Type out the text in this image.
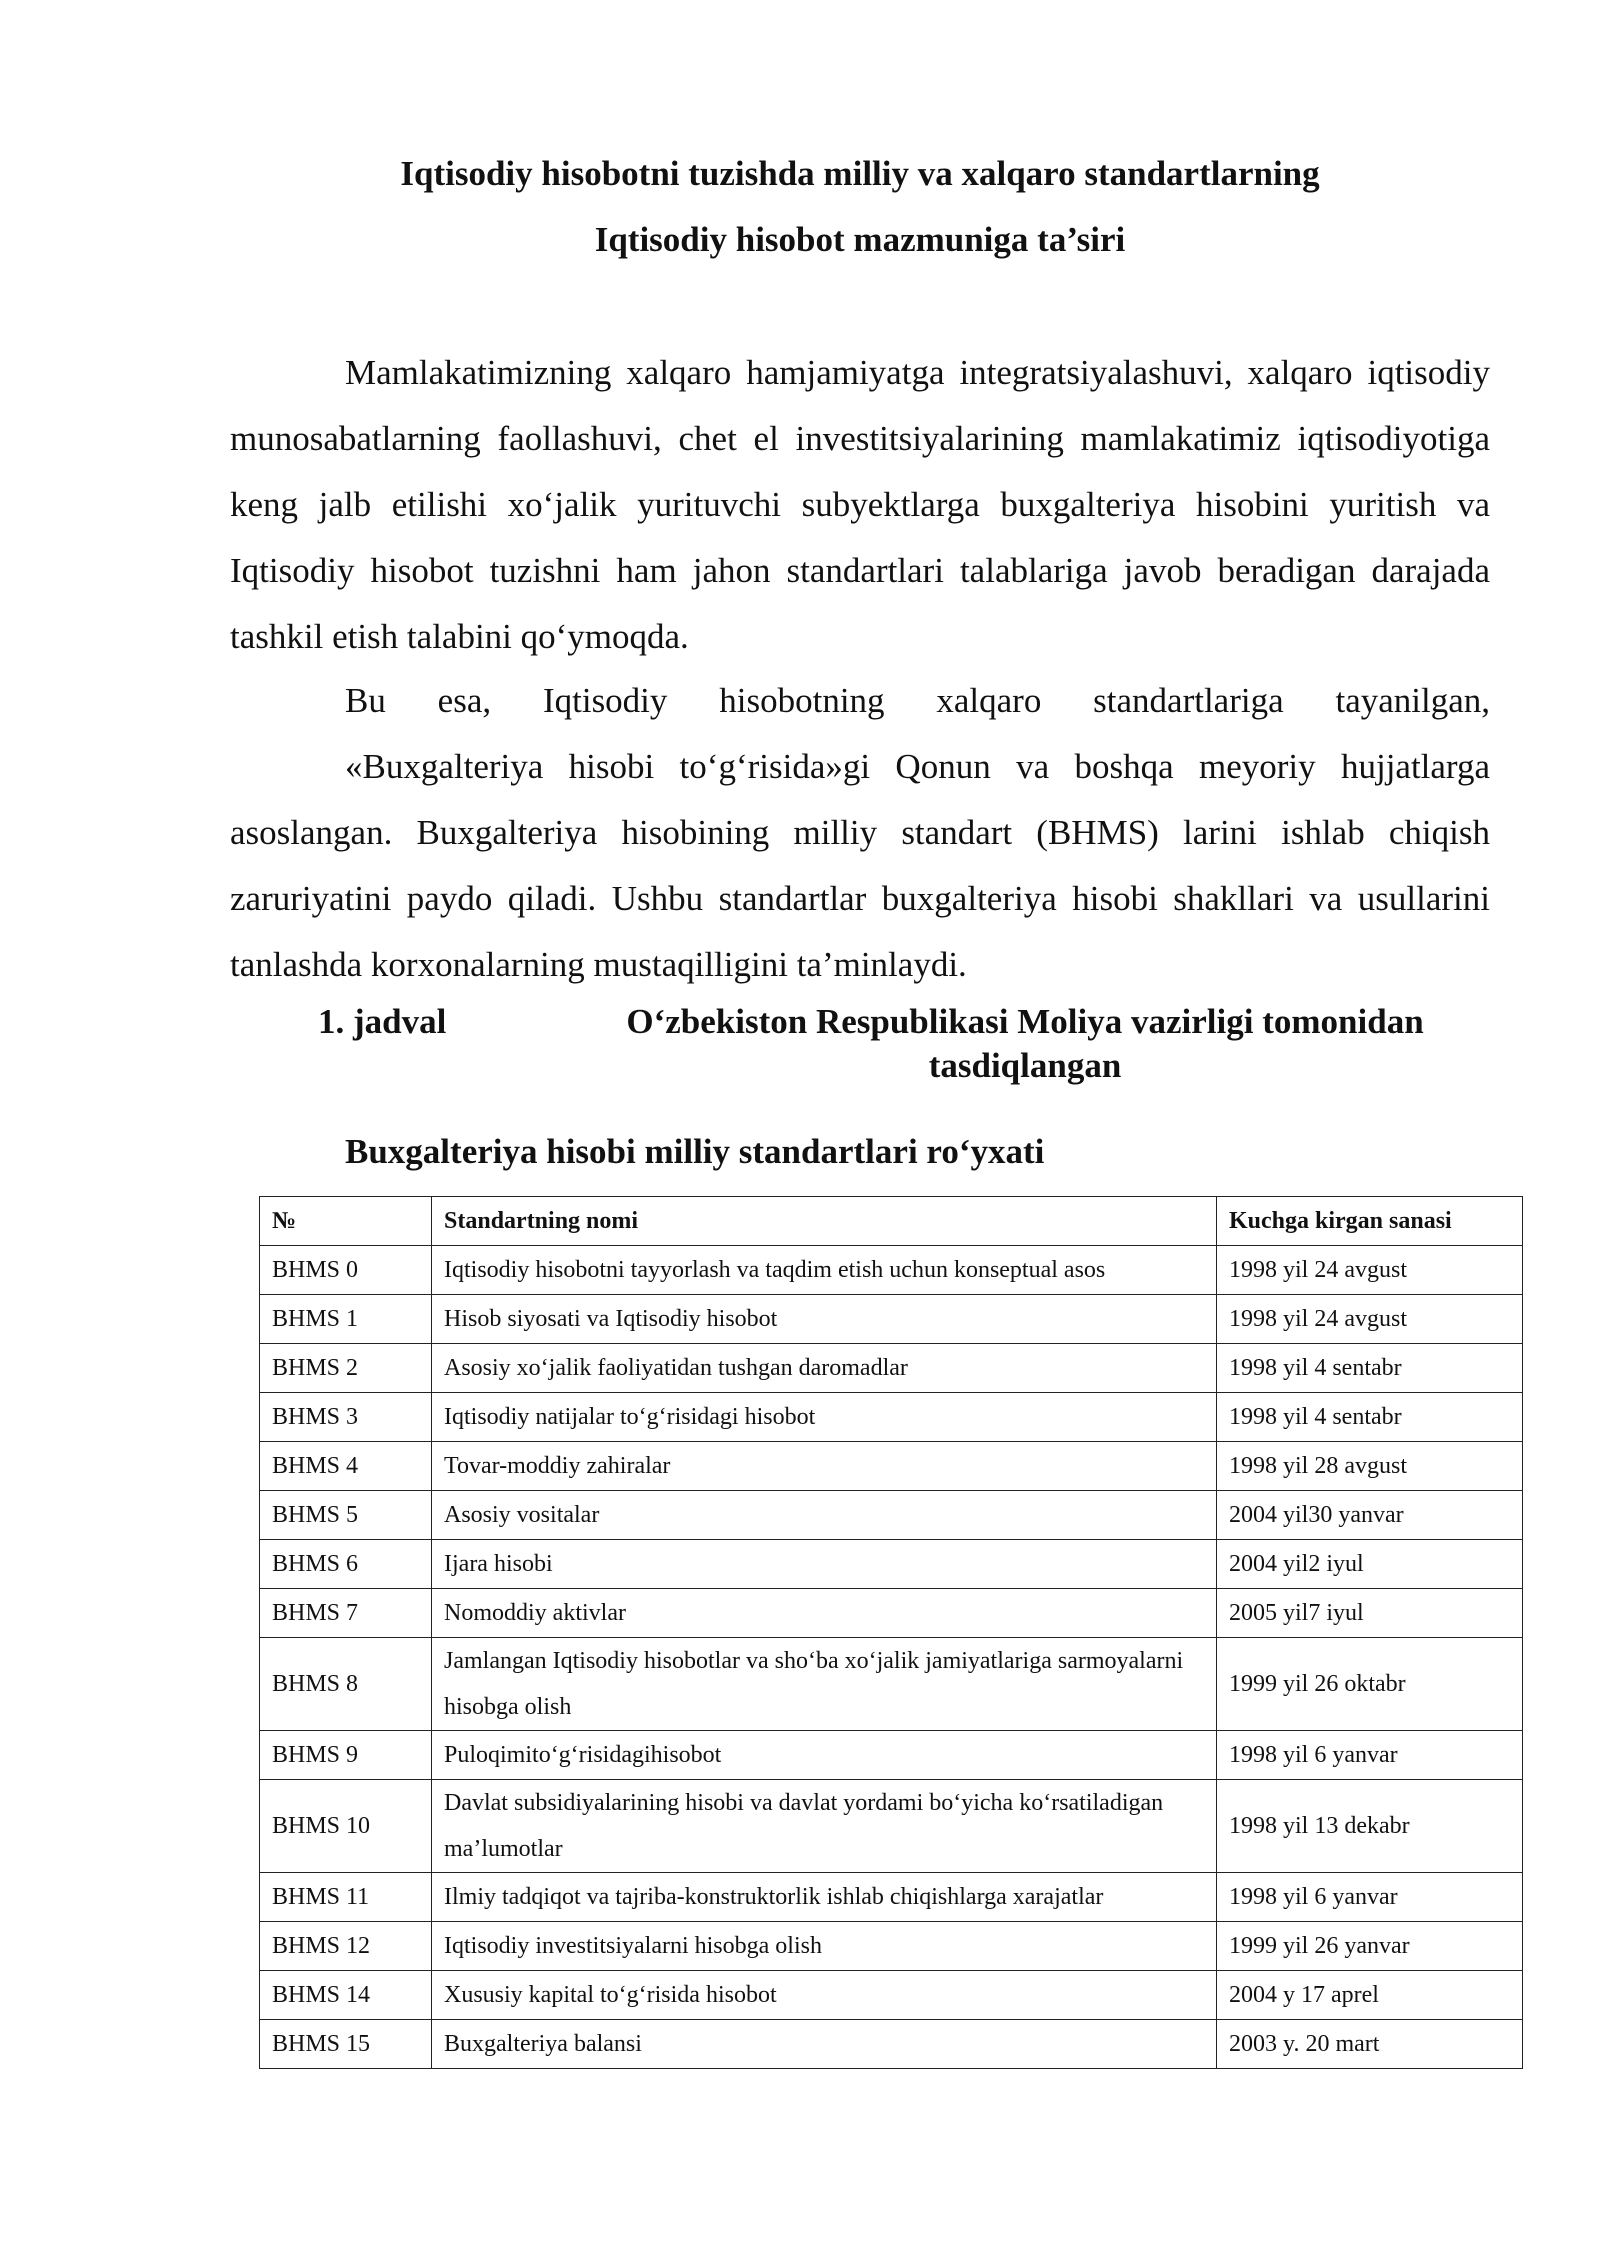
Iqtisodiy hisobotni tuzishda milliy va xalqaro standartlarning
Iqtisodiy hisobot mazmuniga ta’siri

Mamlakatimizning xalqaro hamjamiyatga integratsiyalashuvi, xalqaro iqtisodiy munosabatlarning faollashuvi, chet el investitsiyalarining mamlakatimiz iqtisodiyotiga keng jalb etilishi xo‘jalik yurituvchi subyektlarga buxgalteriya hisobini yuritish va Iqtisodiy hisobot tuzishni ham jahon standartlari talablariga javob beradigan darajada tashkil etish talabini qo‘ymoqda.

Bu esa, Iqtisodiy hisobotning xalqaro standartlariga tayanilgan,

«Buxgalteriya hisobi to‘g‘risida»gi Qonun va boshqa meyoriy hujjatlarga asoslangan. Buxgalteriya hisobining milliy standart (BHMS) larini ishlab chiqish zaruriyatini paydo qiladi. Ushbu standartlar buxgalteriya hisobi shakllari va usullarini tanlashda korxonalarning mustaqilligini ta’minlaydi.

1. jadval	O‘zbekiston Respublikasi Moliya vazirligi tomonidan tasdiqlangan
Buxgalteriya hisobi milliy standartlari ro‘yxati
№	Standartning nomi	Kuchga kirgan sanasi
BHMS 0	Iqtisodiy hisobotni tayyorlash va taqdim etish uchun konseptual asos	1998 yil 24 avgust
BHMS 1	Hisob siyosati va Iqtisodiy hisobot	1998 yil 24 avgust
BHMS 2	Asosiy xo‘jalik faoliyatidan tushgan daromadlar	1998 yil 4 sentabr
BHMS 3	Iqtisodiy natijalar to‘g‘risidagi hisobot	1998 yil 4 sentabr
BHMS 4	Tovar-moddiy zahiralar	1998 yil 28 avgust
BHMS 5	Asosiy vositalar	2004 yil30 yanvar
BHMS 6	Ijara hisobi	2004 yil2 iyul
BHMS 7	Nomoddiy aktivlar	2005 yil7 iyul
BHMS 8	Jamlangan Iqtisodiy hisobotlar va sho‘ba xo‘jalik jamiyatlariga sarmoyalarni hisobga olish	1999 yil 26 oktabr
BHMS 9	Puloqimito‘g‘risidagihisobot	1998 yil 6 yanvar
BHMS 10	Davlat subsidiyalarining hisobi va davlat yordami bo‘yicha ko‘rsatiladigan ma’lumotlar	1998 yil 13 dekabr
BHMS 11	Ilmiy tadqiqot va tajriba-konstruktorlik ishlab chiqishlarga xarajatlar	1998 yil 6 yanvar
BHMS 12	Iqtisodiy investitsiyalarni hisobga olish	1999 yil 26 yanvar
BHMS 14	Xususiy kapital to‘g‘risida hisobot	2004 y 17 aprel
BHMS 15	Buxgalteriya balansi	2003 y. 20 mart
